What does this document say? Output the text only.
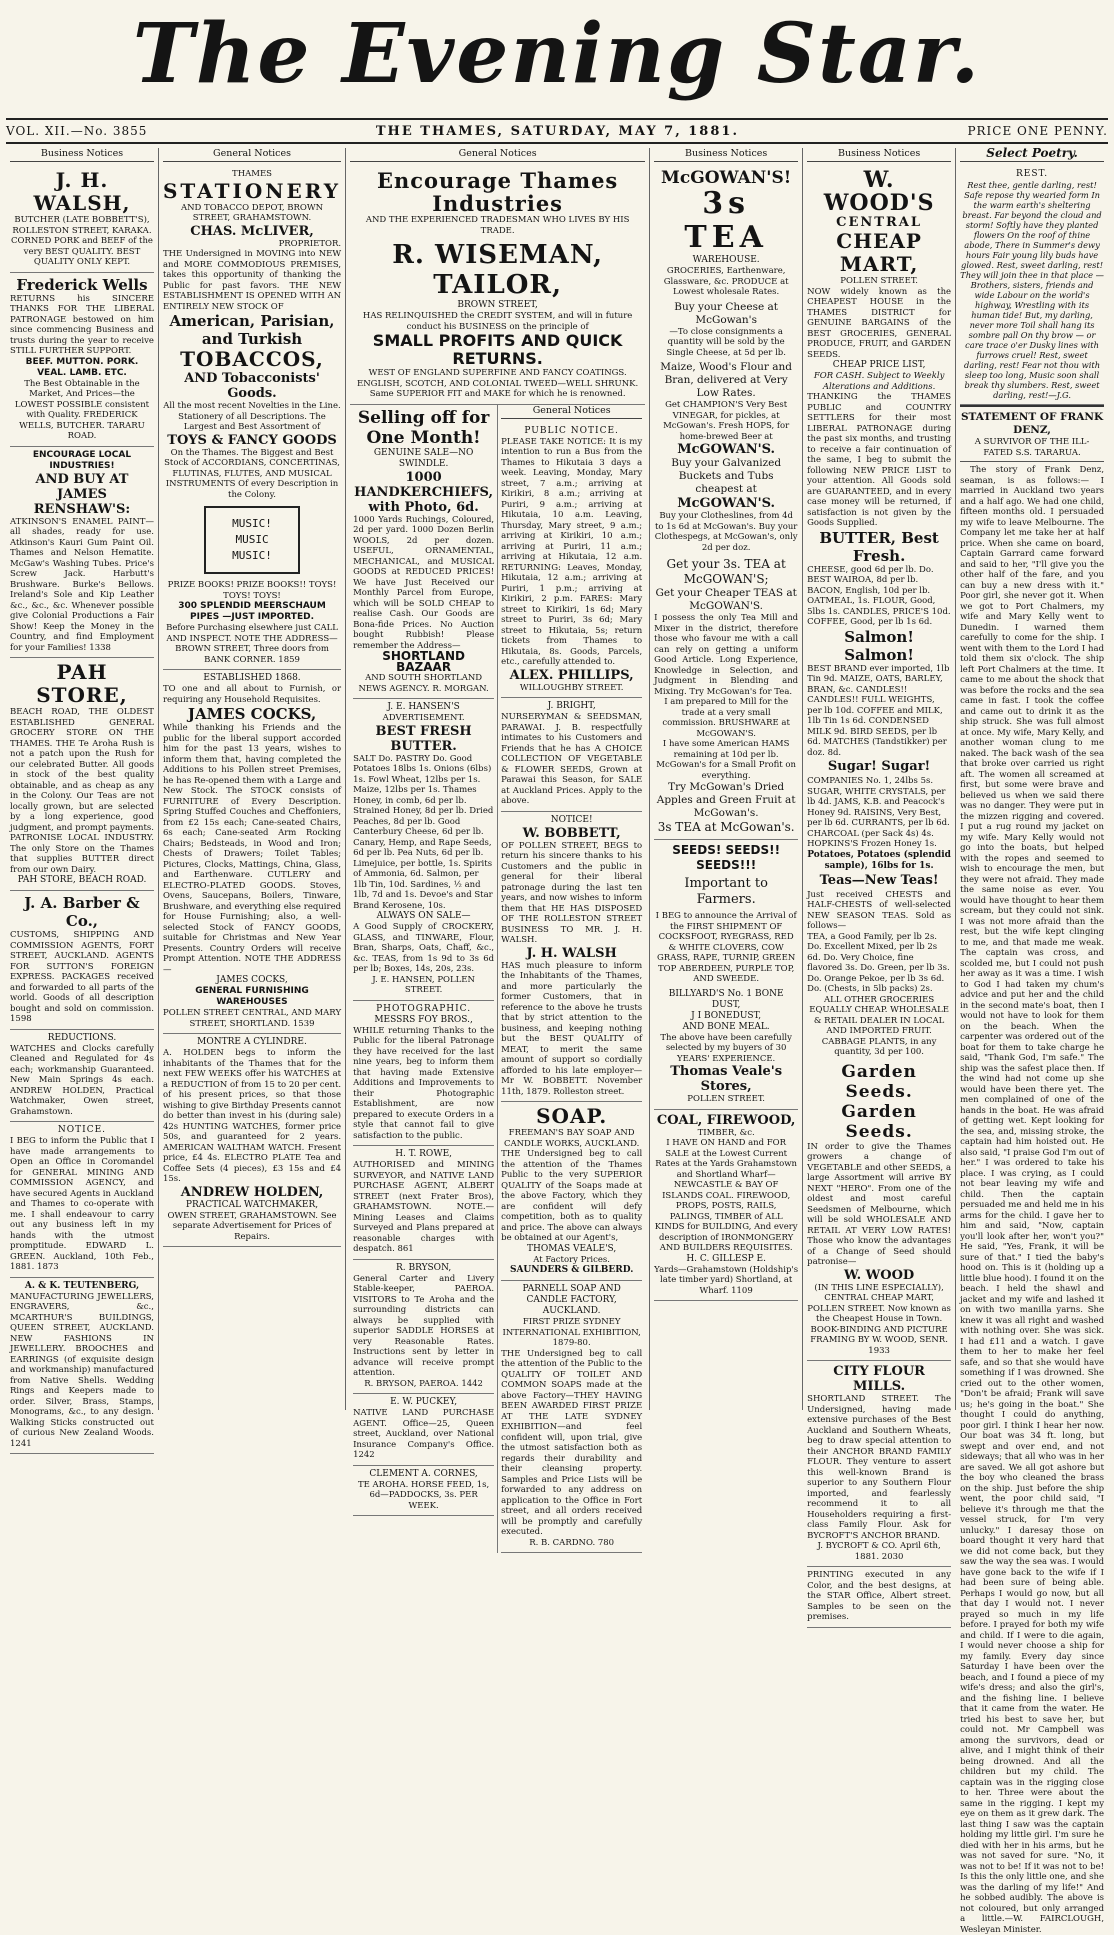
The Evening Star.
VOL. XII.—No. 3855	THE THAMES, SATURDAY, MAY 7, 1881.	PRICE ONE PENNY.
Business Notices
J. H. WALSH,
BUTCHER (LATE BOBBETT'S), ROLLESTON STREET, KARAKA. CORNED PORK and BEEF of the very BEST QUALITY. BEST QUALITY ONLY KEPT.
Frederick Wells
RETURNS his SINCERE THANKS FOR THE LIBERAL PATRONAGE bestowed on him since commencing Business and trusts during the year to receive STILL FURTHER SUPPORT.
BEEF. MUTTON. PORK. VEAL. LAMB. ETC.
The Best Obtainable in the Market, And Prices—the LOWEST POSSIBLE consistent with Quality. FREDERICK WELLS, BUTCHER. TARARU ROAD.
ENCOURAGE LOCAL INDUSTRIES!
AND BUY AT JAMES RENSHAW'S:
ATKINSON'S ENAMEL PAINT—all shades, ready for use. Atkinson's Kauri Gum Paint Oil. Thames and Nelson Hematite. McGaw's Washing Tubes. Price's Screw Jack. Harbutt's Brushware. Burke's Bellows. Ireland's Sole and Kip Leather &c., &c., &c. Whenever possible give Colonial Productions a Fair Show! Keep the Money in the Country, and find Employment for your Families! 1338
PAH STORE,
BEACH ROAD, THE OLDEST ESTABLISHED GENERAL GROCERY STORE ON THE THAMES. THE Te Aroha Rush is not a patch upon the Rush for our celebrated Butter. All goods in stock of the best quality obtainable, and as cheap as any in the Colony. Our Teas are not locally grown, but are selected by a long experience, good judgment, and prompt payments. PATRONISE LOCAL INDUSTRY. The only Store on the Thames that supplies BUTTER direct from our own Dairy.
PAH STORE, BEACH ROAD.
J. A. Barber & Co.,
CUSTOMS, SHIPPING AND COMMISSION AGENTS, FORT STREET, AUCKLAND. AGENTS FOR SUTTON'S FOREIGN EXPRESS. PACKAGES received and forwarded to all parts of the world. Goods of all description bought and sold on commission. 1598
REDUCTIONS.
WATCHES and Clocks carefully Cleaned and Regulated for 4s each; workmanship Guaranteed. New Main Springs 4s each. ANDREW HOLDEN, Practical Watchmaker, Owen street, Grahamstown.
NOTICE.
I BEG to inform the Public that I have made arrangements to Open an Office in Coromandel for GENERAL MINING AND COMMISSION AGENCY, and have secured Agents in Auckland and Thames to co-operate with me. I shall endeavour to carry out any business left in my hands with the utmost promptitude. EDWARD L. GREEN. Auckland, 10th Feb., 1881. 1873
A. & K. TEUTENBERG,
MANUFACTURING JEWELLERS, ENGRAVERS, &c., MCARTHUR'S BUILDINGS, QUEEN STREET, AUCKLAND. NEW FASHIONS IN JEWELLERY. BROOCHES and EARRINGS (of exquisite design and workmanship) manufactured from Native Shells. Wedding Rings and Keepers made to order. Silver, Brass, Stamps, Monograms, &c., to any design. Walking Sticks constructed out of curious New Zealand Woods. 1241
General Notices
THAMES
STATIONERY
AND TOBACCO DEPOT, BROWN STREET, GRAHAMSTOWN.
CHAS. McLIVER,
PROPRIETOR.
THE Undersigned in MOVING into NEW and MORE COMMODIOUS PREMISES, takes this opportunity of thanking the Public for past favors. THE NEW ESTABLISHMENT IS OPENED WITH AN ENTIRELY NEW STOCK OF
American, Parisian, and Turkish
TOBACCOS,
AND Tobacconists' Goods.
All the most recent Novelties in the Line. Stationery of all Descriptions. The Largest and Best Assortment of
TOYS & FANCY GOODS
On the Thames. The Biggest and Best Stock of ACCORDIANS, CONCERTINAS, FLUTINAS, FLUTES, AND MUSICAL INSTRUMENTS Of every Description in the Colony.
MUSIC!
MUSIC
MUSIC!
PRIZE BOOKS! PRIZE BOOKS!! TOYS! TOYS! TOYS!
300 SPLENDID MEERSCHAUM PIPES —JUST IMPORTED.
Before Purchasing elsewhere just CALL AND INSPECT. NOTE THE ADDRESS— BROWN STREET, Three doors from BANK CORNER. 1859
ESTABLISHED 1868.
TO one and all about to Furnish, or requiring any Household Requisites.
JAMES COCKS,
While thanking his Friends and the public for the liberal support accorded him for the past 13 years, wishes to inform them that, having completed the Additions to his Pollen street Premises, he has Re-opened them with a Large and New Stock. The STOCK consists of FURNITURE of Every Description. Spring Stuffed Couches and Cheffoniers, from £2 15s each; Cane-seated Chairs, 6s each; Cane-seated Arm Rocking Chairs; Bedsteads, in Wood and Iron; Chests of Drawers; Toilet Tables; Pictures, Clocks, Mattings, China, Glass, and Earthenware. CUTLERY and ELECTRO-PLATED GOODS. Stoves, Ovens, Saucepans, Boilers, Tinware, Brushware, and everything else required for House Furnishing; also, a well-selected Stock of FANCY GOODS, suitable for Christmas and New Year Presents. Country Orders will receive Prompt Attention. NOTE THE ADDRESS—
JAMES COCKS,
GENERAL FURNISHING WAREHOUSES
POLLEN STREET CENTRAL, AND MARY STREET, SHORTLAND. 1539
MONTRE A CYLINDRE.
A. HOLDEN begs to inform the inhabitants of the Thames that for the next FEW WEEKS offer his WATCHES at a REDUCTION of from 15 to 20 per cent. of his present prices, so that those wishing to give Birthday Presents cannot do better than invest in his (during sale) 42s HUNTING WATCHES, former price 50s, and guaranteed for 2 years. AMERICAN WALTHAM WATCH. Fresent price, £4 4s. ELECTRO PLATE Tea and Coffee Sets (4 pieces), £3 15s and £4 15s.
ANDREW HOLDEN,
PRACTICAL WATCHMAKER,
OWEN STREET, GRAHAMSTOWN. See separate Advertisement for Prices of Repairs.
General Notices
Encourage Thames Industries
AND THE EXPERIENCED TRADESMAN WHO LIVES BY HIS TRADE.
R. WISEMAN, TAILOR,
BROWN STREET,
HAS RELINQUISHED the CREDIT SYSTEM, and will in future conduct his BUSINESS on the principle of
SMALL PROFITS AND QUICK RETURNS.
WEST OF ENGLAND SUPERFINE AND FANCY COATINGS. ENGLISH, SCOTCH, AND COLONIAL TWEED—WELL SHRUNK.
Same SUPERIOR FIT and MAKE for which he is renowned.
Selling off for One Month!
GENUINE SALE—NO SWINDLE.
1000 HANDKERCHIEFS, with Photo, 6d.
1000 Yards Ruchings, Coloured, 2d per yard. 1000 Dozen Berlin WOOLS, 2d per dozen. USEFUL, ORNAMENTAL, MECHANICAL, and MUSICAL GOODS at REDUCED PRICES! We have Just Received our Monthly Parcel from Europe, which will be SOLD CHEAP to realise Cash. Our Goods are Bona-fide Prices. No Auction bought Rubbish! Please remember the Address—
SHORTLAND BAZAAR
AND SOUTH SHORTLAND NEWS AGENCY. R. MORGAN.
J. E. HANSEN'S
ADVERTISEMENT.
BEST FRESH BUTTER.
SALT Do. PASTRY Do. Good Potatoes 18lbs 1s. Onions (6lbs) 1s. Fowl Wheat, 12lbs per 1s. Maize, 12lbs per 1s. Thames Honey, in comb, 6d per lb. Strained Honey, 8d per lb. Dried Peaches, 8d per lb. Good Canterbury Cheese, 6d per lb. Canary, Hemp, and Rape Seeds, 6d per lb. Pea Nuts, 6d per lb. Limejuice, per bottle, 1s. Spirits of Ammonia, 6d. Salmon, per 1lb Tin, 10d. Sardines, ½ and 1lb, 7d and 1s. Devoe's and Star Brand Kerosene, 10s.
ALWAYS ON SALE—
A Good Supply of CROCKERY, GLASS, and TINWARE, Flour, Bran, Sharps, Oats, Chaff, &c., &c. TEAS, from 1s 9d to 3s 6d per lb; Boxes, 14s, 20s, 23s.
J. E. HANSEN, POLLEN STREET.
PHOTOGRAPHIC.
MESSRS FOY BROS.,
WHILE returning Thanks to the Public for the liberal Patronage they have received for the last nine years, beg to inform them that having made Extensive Additions and Improvements to their Photographic Establishment, are now prepared to execute Orders in a style that cannot fail to give satisfaction to the public.
H. T. ROWE,
AUTHORISED and MINING SURVEYOR, and NATIVE LAND PURCHASE AGENT, ALBERT STREET (next Frater Bros), GRAHAMSTOWN. NOTE.—Mining Leases and Claims Surveyed and Plans prepared at reasonable charges with despatch. 861
R. BRYSON,
General Carter and Livery Stable-keeper, PAEROA. VISITORS to Te Aroha and the surrounding districts can always be supplied with superior SADDLE HORSES at very Reasonable Rates. Instructions sent by letter in advance will receive prompt attention.
R. BRYSON, PAEROA. 1442
E. W. PUCKEY,
NATIVE LAND PURCHASE AGENT. Office—25, Queen street, Auckland, over National Insurance Company's Office. 1242
CLEMENT A. CORNES,
TE AROHA. HORSE FEED, 1s, 6d—PADDOCKS, 3s. PER WEEK.
General Notices
PUBLIC NOTICE.
PLEASE TAKE NOTICE: It is my intention to run a Bus from the Thames to Hikutaia 3 days a week. Leaving, Monday, Mary street, 7 a.m.; arriving at Kirikiri, 8 a.m.; arriving at Puriri, 9 a.m.; arriving at Hikutaia, 10 a.m. Leaving, Thursday, Mary street, 9 a.m.; arriving at Kirikiri, 10 a.m.; arriving at Puriri, 11 a.m.; arriving at Hikutaia, 12 a.m. RETURNING: Leaves, Monday, Hikutaia, 12 a.m.; arriving at Puriri, 1 p.m.; arriving at Kirikiri, 2 p.m. FARES: Mary street to Kirikiri, 1s 6d; Mary street to Puriri, 3s 6d; Mary street to Hikutaia, 5s; return tickets from Thames to Hikutaia, 8s. Goods, Parcels, etc., carefully attended to.
ALEX. PHILLIPS,
WILLOUGHBY STREET.
J. BRIGHT,
NURSERYMAN & SEEDSMAN, PARAWAI. J. B. respectfully intimates to his Customers and Friends that he has A CHOICE COLLECTION OF VEGETABLE & FLOWER SEEDS, Grown at Parawai this Season, for SALE at Auckland Prices. Apply to the above.
NOTICE!
W. BOBBETT,
OF POLLEN STREET, BEGS to return his sincere thanks to his Customers and the public in general for their liberal patronage during the last ten years, and now wishes to inform them that HE HAS DISPOSED OF THE ROLLESTON STREET BUSINESS TO MR. J. H. WALSH.
J. H. WALSH
HAS much pleasure to inform the Inhabitants of the Thames, and more particularly the former Customers, that in reference to the above he trusts that by strict attention to the business, and keeping nothing but the BEST QUALITY of MEAT, to merit the same amount of support so cordially afforded to his late employer—Mr W. BOBBETT. November 11th, 1879. Rolleston street.
SOAP.
FREEMAN'S BAY SOAP AND CANDLE WORKS, AUCKLAND.
THE Undersigned beg to call the attention of the Thames Public to the very SUPERIOR QUALITY of the Soaps made at the above Factory, which they are confident will defy competition, both as to quality and price. The above can always be obtained at our Agent's,
THOMAS VEALE'S,
At Factory Prices.
SAUNDERS & GILBERD.
PARNELL SOAP AND CANDLE FACTORY, AUCKLAND.
FIRST PRIZE SYDNEY INTERNATIONAL EXHIBITION, 1879-80.
THE Undersigned beg to call the attention of the Public to the QUALITY OF TOILET AND COMMON SOAPS made at the above Factory—THEY HAVING BEEN AWARDED FIRST PRIZE AT THE LATE SYDNEY EXHIBITION—and feel confident will, upon trial, give the utmost satisfaction both as regards their durability and their cleansing property. Samples and Price Lists will be forwarded to any address on application to the Office in Fort street, and all orders received will be promptly and carefully executed.
R. B. CARDNO. 780
Business Notices
McGOWAN'S!
3s TEA
WAREHOUSE.
GROCERIES, Earthenware, Glassware, &c. PRODUCE at Lowest wholesale Rates.
Buy your Cheese at McGowan's
—To close consignments a quantity will be sold by the Single Cheese, at 5d per lb.
Maize, Wood's Flour and Bran, delivered at Very Low Rates.
Get CHAMPION'S Very Best VINEGAR, for pickles, at McGowan's. Fresh HOPS, for home-brewed Beer at
McGOWAN'S.
Buy your Galvanized Buckets and Tubs cheapest at
McGOWAN'S.
Buy your Clotheslines, from 4d to 1s 6d at McGowan's. Buy your Clothespegs, at McGowan's, only 2d per doz.
Get your 3s. TEA at McGOWAN'S;
Get your Cheaper TEAS at McGOWAN'S.
I possess the only Tea Mill and Mixer in the district, therefore those who favour me with a call can rely on getting a uniform Good Article. Long Experience, Knowledge in Selection, and Judgment in Blending and Mixing. Try McGowan's for Tea.
I am prepared to Mill for the trade at a very small commission. BRUSHWARE at McGOWAN'S.
I have some American HAMS remaining at 10d per lb. McGowan's for a Small Profit on everything.
Try McGowan's Dried Apples and Green Fruit at McGowan's.
3s TEA at McGowan's.
SEEDS! SEEDS!! SEEDS!!!
Important to Farmers.
I BEG to announce the Arrival of the FIRST SHIPMENT OF COCKSFOOT, RYEGRASS, RED & WHITE CLOVERS, COW GRASS, RAPE, TURNIP, GREEN TOP ABERDEEN, PURPLE TOP, AND SWEEDE.
BILLYARD'S No. 1 BONE DUST,
J I BONEDUST,
AND BONE MEAL.
The above have been carefully selected by my buyers of 30 YEARS' EXPERIENCE.
Thomas Veale's Stores,
POLLEN STREET.
COAL, FIREWOOD,
TIMBER, &c.
I HAVE ON HAND and FOR SALE at the Lowest Current Rates at the Yards Grahamstown and Shortland Wharf— NEWCASTLE & BAY OF ISLANDS COAL. FIREWOOD, PROPS, POSTS, RAILS, PALINGS, TIMBER of ALL KINDS for BUILDING, And every description of IRONMONGERY AND BUILDERS REQUISITES.
H. C. GILLESP E.
Yards—Grahamstown (Holdship's late timber yard) Shortland, at Wharf. 1109
Business Notices
W. WOOD'S
CENTRAL
CHEAP MART,
POLLEN STREET.
NOW widely known as the CHEAPEST HOUSE in the THAMES DISTRICT for GENUINE BARGAINS of the BEST GROCERIES, GENERAL PRODUCE, FRUIT, and GARDEN SEEDS.
CHEAP PRICE LIST,
FOR CASH. Subject to Weekly Alterations and Additions.
THANKING the THAMES PUBLIC and COUNTRY SETTLERS for their most LIBERAL PATRONAGE during the past six months, and trusting to receive a fair continuation of the same, I beg to submit the following NEW PRICE LIST to your attention. All Goods sold are GUARANTEED, and in every case money will be returned, if satisfaction is not given by the Goods Supplied.
BUTTER, Best Fresh.
CHEESE, good 6d per lb. Do. BEST WAIROA, 8d per lb. BACON, English, 10d per lb. OATMEAL, 1s. FLOUR, Good, 5lbs 1s. CANDLES, PRICE'S 10d. COFFEE, Good, per lb 1s 6d.
Salmon! Salmon!
BEST BRAND ever imported, 1lb Tin 9d. MAIZE, OATS, BARLEY, BRAN, &c. CANDLES!! CANDLES!! FULL WEIGHTS, per lb 10d. COFFEE and MILK, 1lb Tin 1s 6d. CONDENSED MILK 9d. BIRD SEEDS, per lb 6d. MATCHES (Tandstikker) per doz. 8d.
Sugar! Sugar!
COMPANIES No. 1, 24lbs 5s. SUGAR, WHITE CRYSTALS, per lb 4d. JAMS, K.B. and Peacock's Honey 9d. RAISINS, Very Best, per lb 6d. CURRANTS, per lb 6d. CHARCOAL (per Sack 4s) 4s. HOPKINS'S Frozen Honey 1s.
Potatoes, Potatoes (splendid sample), 16lbs for 1s.
Teas—New Teas!
Just received CHESTS and HALF-CHESTS of well-selected NEW SEASON TEAS. Sold as follows—
TEA, a Good Family, per lb 2s. Do. Excellent Mixed, per lb 2s 6d. Do. Very Choice, fine flavored 3s. Do. Green, per lb 3s. Do. Orange Pekoe, per lb 3s 6d. Do. (Chests, in 5lb packs) 2s.
ALL OTHER GROCERIES EQUALLY CHEAP. WHOLESALE & RETAIL DEALER IN LOCAL AND IMPORTED FRUIT. CABBAGE PLANTS, in any quantity, 3d per 100.
Garden Seeds.
Garden Seeds.
IN order to give the Thames growers a change of VEGETABLE and other SEEDS, a large Assortment will arrive BY NEXT "HERO". From one of the oldest and most careful Seedsmen of Melbourne, which will be sold WHOLESALE AND RETAIL AT VERY LOW RATES! Those who know the advantages of a Change of Seed should patronise—
W. WOOD
(IN THIS LINE ESPECIALLY), CENTRAL CHEAP MART, POLLEN STREET. Now known as the Cheapest House in Town.
BOOK-BINDING AND PICTURE FRAMING BY W. WOOD, SENR. 1933
CITY FLOUR MILLS.
SHORTLAND STREET. The Undersigned, having made extensive purchases of the Best Auckland and Southern Wheats, beg to draw special attention to their ANCHOR BRAND FAMILY FLOUR. They venture to assert this well-known Brand is superior to any Southern Flour imported, and fearlessly recommend it to all Householders requiring a first-class Family Flour. Ask for BYCROFT'S ANCHOR BRAND.
J. BYCROFT & CO. April 6th, 1881. 2030
PRINTING executed in any Color, and the best designs, at the STAR Office, Albert street. Samples to be seen on the premises.
Select Poetry.
REST.
Rest thee, gentle darling, rest! Safe repose thy wearied form In the warm earth's sheltering breast. Far beyond the cloud and storm! Softly have they planted flowers On the roof of thine abode, There in Summer's dewy hours Fair young lily buds have glowed. Rest, sweet darling, rest! They will join thee in that place — Brothers, sisters, friends and wide Labour on the world's highway, Wrestling with its human tide! But, my darling, never more Toil shall hang its sombre pall On thy brow — or care trace o'er Dusky lines with furrows cruel! Rest, sweet darling, rest! Fear not thou with sleep too long, Music soon shall break thy slumbers. Rest, sweet darling, rest!—J.G.
STATEMENT OF FRANK DENZ,
A SURVIVOR OF THE ILL-FATED S.S. TARARUA.
The story of Frank Denz, seaman, is as follows:— I married in Auckland two years and a half ago. We had one child, fifteen months old. I persuaded my wife to leave Melbourne. The Company let me take her at half price. When she came on board, Captain Garrard came forward and said to her, "I'll give you the other half of the fare, and you can buy a new dress with it." Poor girl, she never got it. When we got to Port Chalmers, my wife and Mary Kelly went to Dunedin. I warned them carefully to come for the ship. I went with them to the Lord I had told them six o'clock. The ship left Port Chalmers at the time. It came to me about the shock that was before the rocks and the sea came in fast. I took the coffee and came out to drink it as the ship struck. She was full almost at once. My wife, Mary Kelly, and another woman clung to me naked. The back wash of the sea that broke over carried us right aft. The women all screamed at first, but some were brave and believed us when we said there was no danger. They were put in the mizzen rigging and covered. I put a rug round my jacket on my wife. Mary Kelly would not go into the boats, but helped with the ropes and seemed to wish to encourage the men, but they were not afraid. They made the same noise as ever. You would have thought to hear them scream, but they could not sink. I was not more afraid than the rest, but the wife kept clinging to me, and that made me weak. The captain was cross, and scolded me, but I could not push her away as it was a time. I wish to God I had taken my chum's advice and put her and the child in the second mate's boat, then I would not have to look for them on the beach. When the carpenter was ordered out of the boat for them to take charge he said, "Thank God, I'm safe." The ship was the safest place then. If the wind had not come up she would have been there yet. The men complained of one of the hands in the boat. He was afraid of getting wet. Kept looking for the sea, and, missing stroke, the captain had him hoisted out. He also said, "I praise God I'm out of her." I was ordered to take his place. I was crying, as I could not bear leaving my wife and child. Then the captain persuaded me and held me in his arms for the child. I gave her to him and said, "Now, captain you'll look after her, won't you?" He said, "Yes, Frank, it will be sure of that." I tied the baby's hood on. This is it (holding up a little blue hood). I found it on the beach. I held the shawl and jacket and my wife and lashed it on with two manilla yarns. She knew it was all right and washed with nothing over. She was sick. I had £11 and a watch. I gave them to her to make her feel safe, and so that she would have something if I was drowned. She cried out to the other women, "Don't be afraid; Frank will save us; he's going in the boat." She thought I could do anything, poor girl. I think I hear her now. Our boat was 34 ft. long, but swept and over end, and not sideways; that all who was in her are saved. We all got ashore but the boy who cleaned the brass on the ship. Just before the ship went, the poor child said, "I believe it's through me that the vessel struck, for I'm very unlucky." I daresay those on board thought it very hard that we did not come back, but they saw the way the sea was. I would have gone back to the wife if I had been sure of being able. Perhaps I would go now, but all that day I would not. I never prayed so much in my life before. I prayed for both my wife and child. If I were to die again, I would never choose a ship for my family. Every day since Saturday I have been over the beach, and I found a piece of my wife's dress; and also the girl's, and the fishing line. I believe that it came from the water. He tried his best to save her, but could not. Mr Campbell was among the survivors, dead or alive, and I might think of their being drowned. And all the children but my child. The captain was in the rigging close to her. Three were about the same in the rigging. I kept my eye on them as it grew dark. The last thing I saw was the captain holding my little girl. I'm sure he died with her in his arms, but he was not saved for sure. "No, it was not to be! If it was not to be! Is this the only little one, and she was the darling of my life!" And he sobbed audibly. The above is not coloured, but only arranged a little.—W. FAIRCLOUGH, Wesleyan Minister.
